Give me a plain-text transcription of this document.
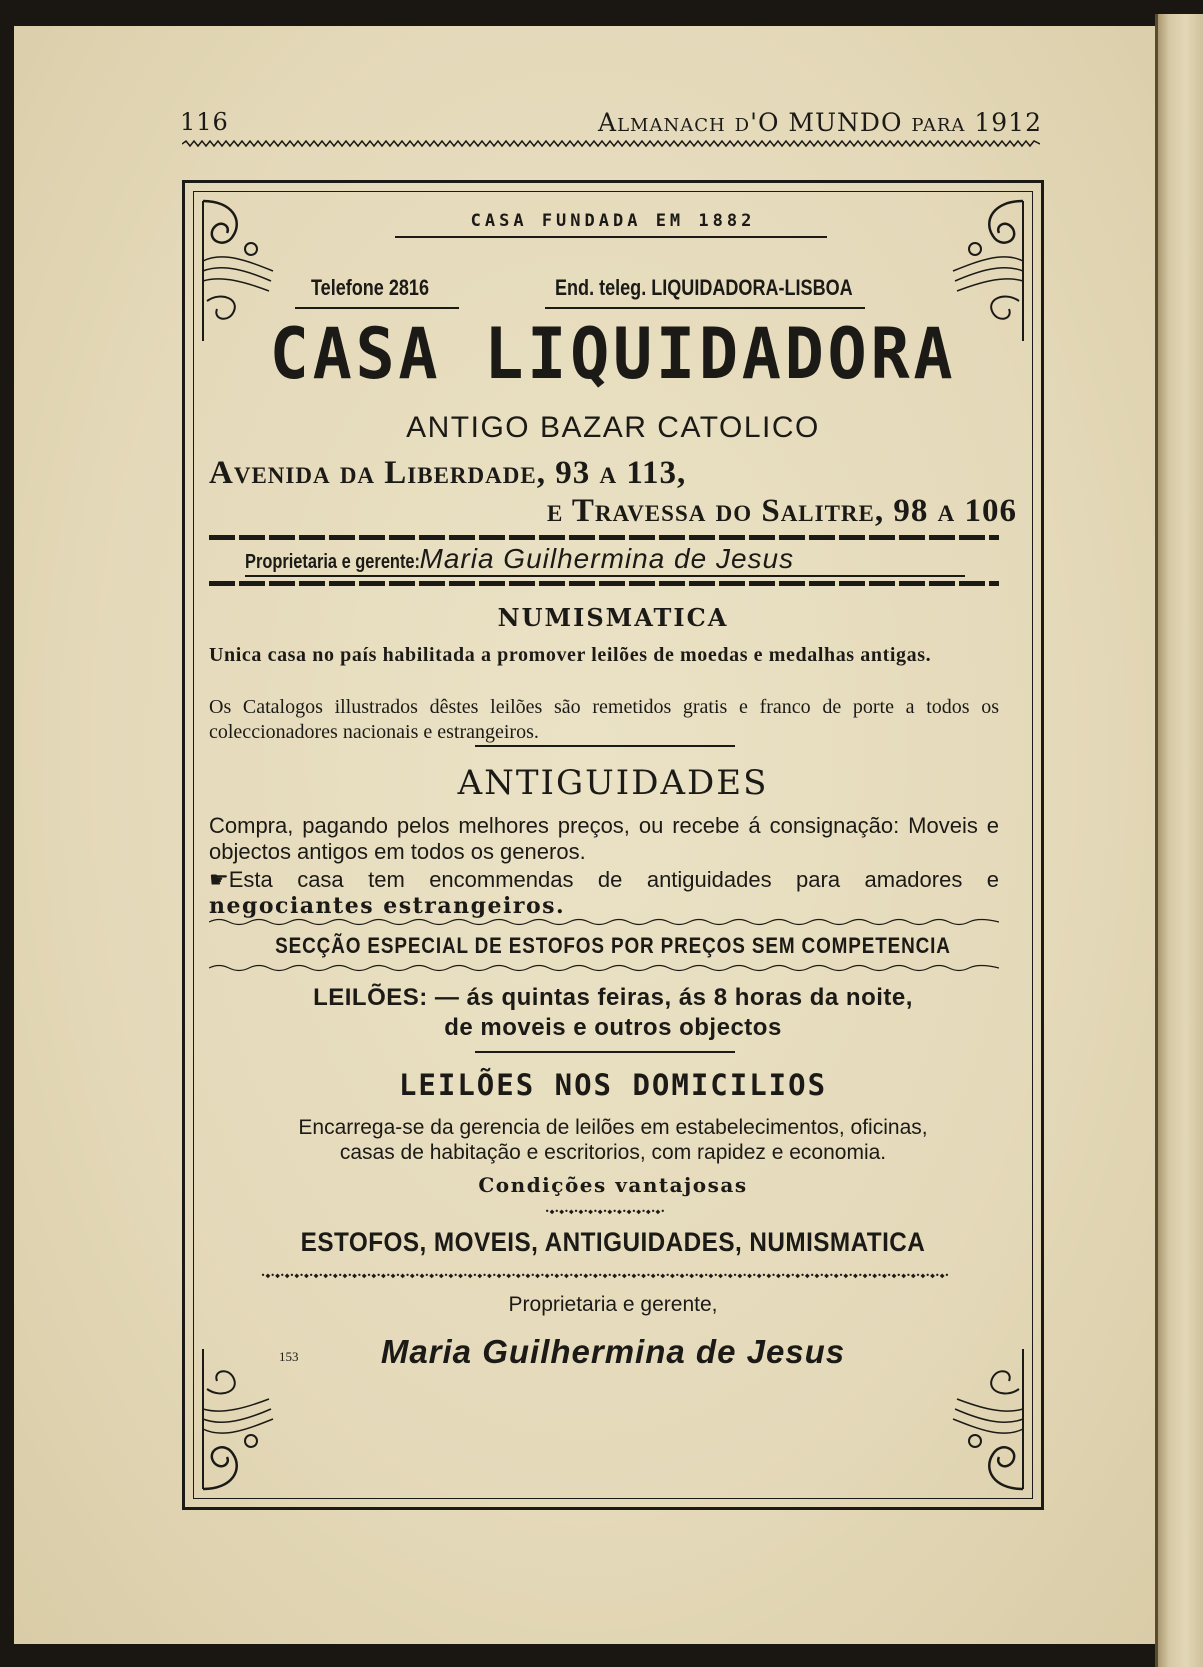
116	Almanach d'O MUNDO para 1912
CASA FUNDADA EM 1882
Telefone 2816	End. teleg. LIQUIDADORA-LISBOA
CASA LIQUIDADORA
ANTIGO BAZAR CATOLICO
Avenida da Liberdade, 93 a 113,
e Travessa do Salitre, 98 a 106
Proprietaria e gerente: Maria Guilhermina de Jesus
NUMISMATICA
Unica casa no país habilitada a promover leilões de moedas e medalhas antigas.
Os Catalogos illustrados dêstes leilões são remetidos gratis e franco de porte a todos os coleccionadores nacionais e estrangeiros.
ANTIGUIDADES
Compra, pagando pelos melhores preços, ou recebe á consignação: Moveis e objectos antigos em todos os generos.
☛Esta casa tem encommendas de antiguidades para amadores e negociantes estrangeiros.
SECÇÃO ESPECIAL DE ESTOFOS POR PREÇOS SEM COMPETENCIA
LEILÕES: — ás quintas feiras, ás 8 horas da noite,
de moveis e outros objectos
LEILÕES NOS DOMICILIOS
Encarrega-se da gerencia de leilões em estabelecimentos, oficinas,
casas de habitação e escritorios, com rapidez e economia.
Condições vantajosas
•◆•◆•◆•◆•◆•◆•◆•◆•◆•◆•◆•◆•
ESTOFOS, MOVEIS, ANTIGUIDADES, NUMISMATICA
•◆•◆•◆•◆•◆•◆•◆•◆•◆•◆•◆•◆•◆•◆•◆•◆•◆•◆•◆•◆•◆•◆•◆•◆•◆•◆•◆•◆•◆•◆•◆•◆•◆•◆•◆•◆•◆•◆•◆•◆•◆•◆•◆•◆•◆•◆•◆•◆•◆•◆•◆•◆•◆•◆•◆•◆•◆•◆•◆•◆•◆•◆•◆•◆•◆•◆•◆•◆•◆•◆•◆•
Proprietaria e gerente,
Maria Guilhermina de Jesus
153
